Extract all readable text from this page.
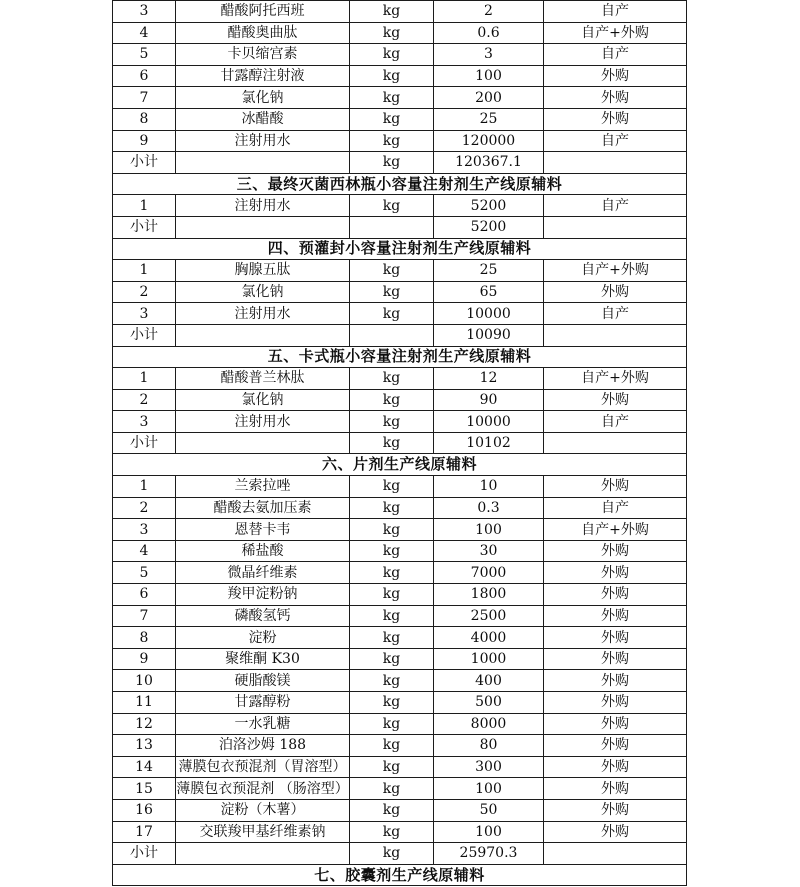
3	醋酸阿托西班	kg	2	自产
4	醋酸奥曲肽	kg	0.6	自产+外购
5	卡贝缩宫素	kg	3	自产
6	甘露醇注射液	kg	100	外购
7	氯化钠	kg	200	外购
8	冰醋酸	kg	25	外购
9	注射用水	kg	120000	自产
小计		kg	120367.1	
三、最终灭菌西林瓶小容量注射剂生产线原辅料				
1	注射用水	kg	5200	自产
小计			5200	
四、预灌封小容量注射剂生产线原辅料				
1	胸腺五肽	kg	25	自产+外购
2	氯化钠	kg	65	外购
3	注射用水	kg	10000	自产
小计			10090	
五、卡式瓶小容量注射剂生产线原辅料				
1	醋酸普兰林肽	kg	12	自产+外购
2	氯化钠	kg	90	外购
3	注射用水	kg	10000	自产
小计		kg	10102	
六、片剂生产线原辅料				
1	兰索拉唑	kg	10	外购
2	醋酸去氨加压素	kg	0.3	自产
3	恩替卡韦	kg	100	自产+外购
4	稀盐酸	kg	30	外购
5	微晶纤维素	kg	7000	外购
6	羧甲淀粉钠	kg	1800	外购
7	磷酸氢钙	kg	2500	外购
8	淀粉	kg	4000	外购
9	聚维酮 K30	kg	1000	外购
10	硬脂酸镁	kg	400	外购
11	甘露醇粉	kg	500	外购
12	一水乳糖	kg	8000	外购
13	泊洛沙姆 188	kg	80	外购
14	薄膜包衣预混剂（胃溶型）	kg	300	外购
15	薄膜包衣预混剂 （肠溶型）	kg	100	外购
16	淀粉（木薯）	kg	50	外购
17	交联羧甲基纤维素钠	kg	100	外购
小计		kg	25970.3	
七、胶囊剂生产线原辅料				
